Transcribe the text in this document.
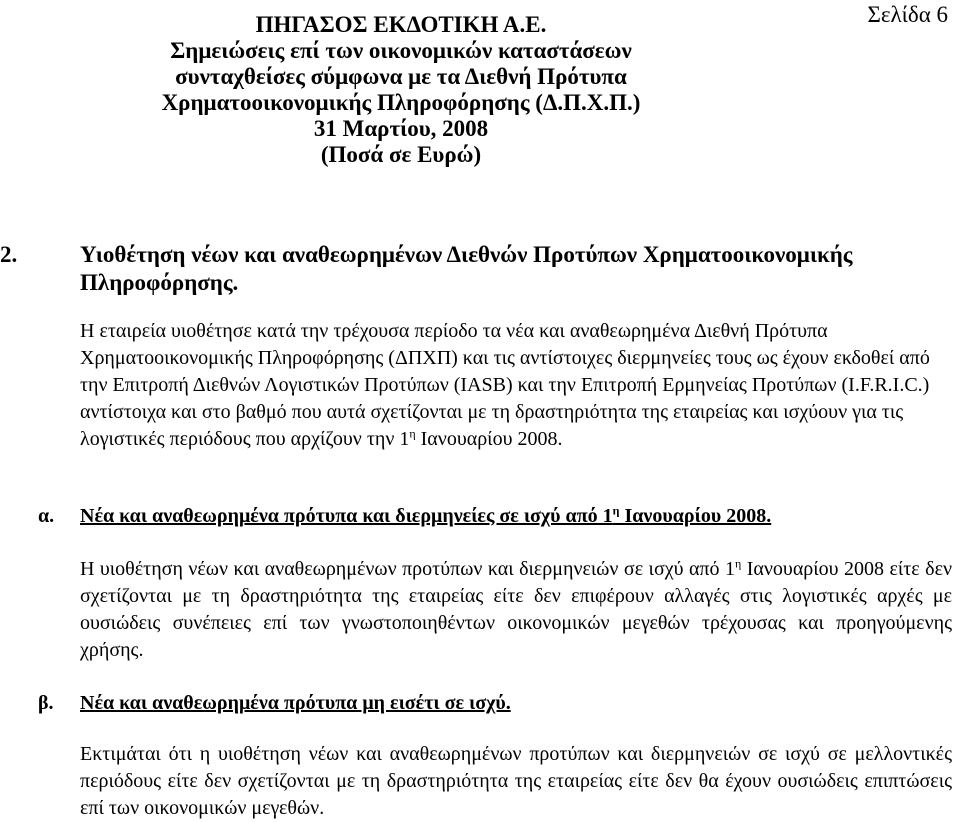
Σελίδα 6
ΠΗΓΑΣΟΣ ΕΚΔΟΤΙΚΗ Α.Ε.
Σημειώσεις επί των οικονομικών καταστάσεων
συνταχθείσες σύμφωνα με τα Διεθνή Πρότυπα
Χρηματοοικονομικής Πληροφόρησης (Δ.Π.Χ.Π.)
31 Μαρτίου, 2008
(Ποσά σε Ευρώ)
2.	Υιοθέτηση νέων και αναθεωρημένων Διεθνών Προτύπων Χρηματοοικονομικής Πληροφόρησης.
Η εταιρεία υιοθέτησε κατά την τρέχουσα περίοδο τα νέα και αναθεωρημένα Διεθνή Πρότυπα Χρηματοοικονομικής Πληροφόρησης (ΔΠΧΠ) και τις αντίστοιχες διερμηνείες τους ως έχουν εκδοθεί από την Επιτροπή Διεθνών Λογιστικών Προτύπων (IASB) και την Επιτροπή Ερμηνείας Προτύπων (I.F.R.I.C.) αντίστοιχα και στο βαθμό που αυτά σχετίζονται με τη δραστηριότητα της εταιρείας και ισχύουν για τις λογιστικές περιόδους που αρχίζουν την $1^\eta$ Ιανουαρίου 2008.
α.	Νέα και αναθεωρημένα πρότυπα και διερμηνείες σε ισχύ από $1^\eta$ Ιανουαρίου 2008.
Η υιοθέτηση νέων και αναθεωρημένων προτύπων και διερμηνειών σε ισχύ από $1^\eta$ Ιανουαρίου 2008 είτε δεν σχετίζονται με τη δραστηριότητα της εταιρείας είτε δεν επιφέρουν αλλαγές στις λογιστικές αρχές με ουσιώδεις συνέπειες επί των γνωστοποιηθέντων οικονομικών μεγεθών τρέχουσας και προηγούμενης χρήσης.
β.	Νέα και αναθεωρημένα πρότυπα μη εισέτι σε ισχύ.
Εκτιμάται ότι η υιοθέτηση νέων και αναθεωρημένων προτύπων και διερμηνειών σε ισχύ σε μελλοντικές περιόδους είτε δεν σχετίζονται με τη δραστηριότητα της εταιρείας είτε δεν θα έχουν ουσιώδεις επιπτώσεις επί των οικονομικών μεγεθών.
